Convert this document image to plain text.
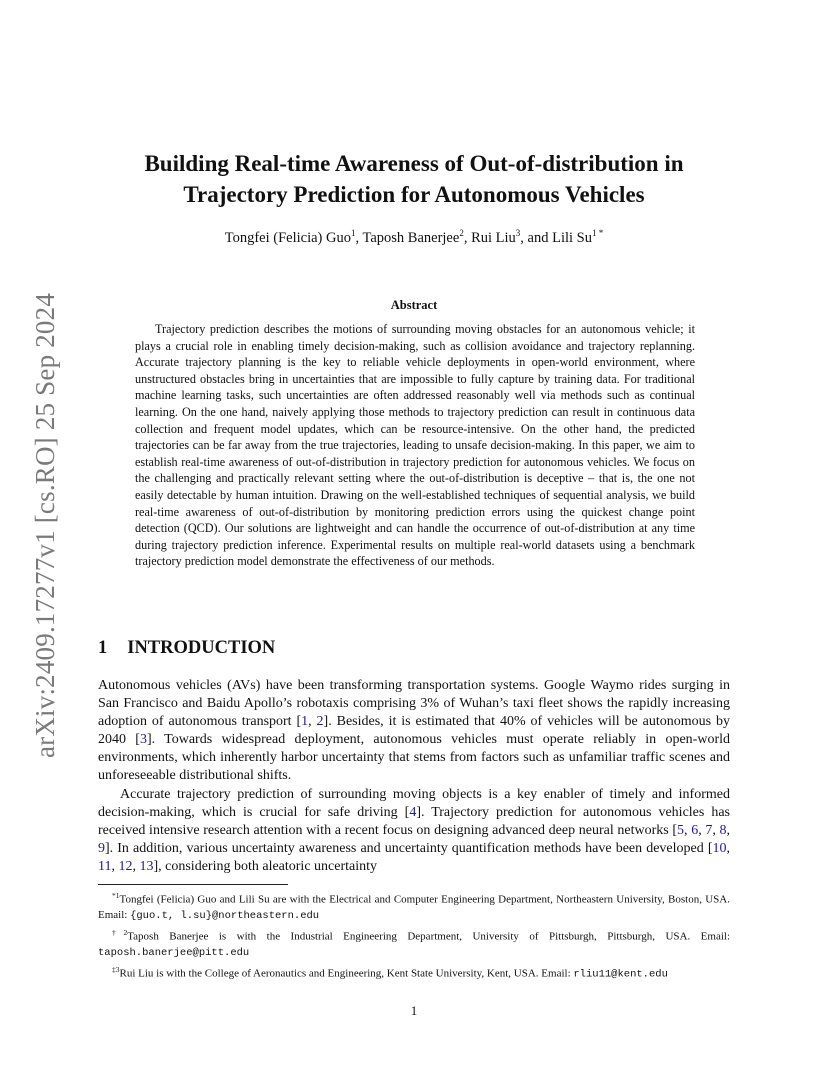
arXiv:2409.17277v1 [cs.RO] 25 Sep 2024
Building Real-time Awareness of Out-of-distribution in
Trajectory Prediction for Autonomous Vehicles
Tongfei (Felicia) Guo$^1$, Taposh Banerjee$^2$, Rui Liu$^3$, and Lili Su$^1$ *
Abstract

Trajectory prediction describes the motions of surrounding moving obstacles for an autonomous vehicle; it plays a crucial role in enabling timely decision-making, such as collision avoidance and trajectory replanning. Accurate trajectory planning is the key to reliable vehicle deployments in open-world environment, where unstructured obstacles bring in uncertainties that are impossible to fully capture by training data. For traditional machine learning tasks, such uncertainties are often addressed reasonably well via methods such as continual learning. On the one hand, naively applying those methods to trajectory prediction can result in continuous data collection and frequent model updates, which can be resource-intensive. On the other hand, the predicted trajectories can be far away from the true trajectories, leading to unsafe decision-making. In this paper, we aim to establish real-time awareness of out-of-distribution in trajectory prediction for autonomous vehicles. We focus on the challenging and practically relevant setting where the out-of-distribution is deceptive – that is, the one not easily detectable by human intuition. Drawing on the well-established techniques of sequential analysis, we build real-time awareness of out-of-distribution by monitoring prediction errors using the quickest change point detection (QCD). Our solutions are lightweight and can handle the occurrence of out-of-distribution at any time during trajectory prediction inference. Experimental results on multiple real-world datasets using a benchmark trajectory prediction model demonstrate the effectiveness of our methods.

1 INTRODUCTION

Autonomous vehicles (AVs) have been transforming transportation systems. Google Waymo rides surging in San Francisco and Baidu Apollo’s robotaxis comprising 3% of Wuhan’s taxi fleet shows the rapidly increasing adoption of autonomous transport [1, 2]. Besides, it is estimated that 40% of vehicles will be autonomous by 2040 [3]. Towards widespread deployment, autonomous vehicles must operate reliably in open-world environments, which inherently harbor uncertainty that stems from factors such as unfamiliar traffic scenes and unforeseeable distributional shifts.

Accurate trajectory prediction of surrounding moving objects is a key enabler of timely and informed decision-making, which is crucial for safe driving [4]. Trajectory prediction for autonomous vehicles has received intensive research attention with a recent focus on designing advanced deep neural networks [5, 6, 7, 8, 9]. In addition, various uncertainty awareness and uncertainty quantification methods have been developed [10, 11, 12, 13], considering both aleatoric uncertainty

$^{*1}$Tongfei (Felicia) Guo and Lili Su are with the Electrical and Computer Engineering Department, Northeastern University, Boston, USA. Email: {guo.t, l.su}@northeastern.edu

$^{\dagger 2}$Taposh Banerjee is with the Industrial Engineering Department, University of Pittsburgh, Pittsburgh, USA. Email: taposh.banerjee@pitt.edu

$^{\ddagger 3}$Rui Liu is with the College of Aeronautics and Engineering, Kent State University, Kent, USA. Email: rliu11@kent.edu

1
